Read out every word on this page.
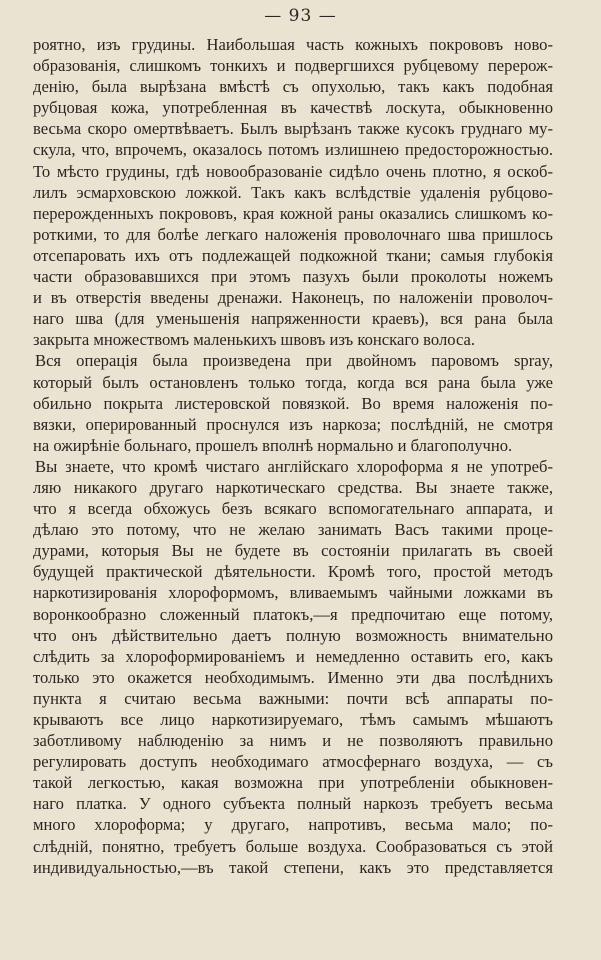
— 93 —
роятно, изъ грудины. Наибольшая часть кожныхъ покрововъ ново-
образованія, слишкомъ тонкихъ и подвергшихся рубцевому перерож-
денію, была вырѣзана вмѣстѣ съ опухолью, такъ какъ подобная
рубцовая кожа, употребленная въ качествѣ лоскута, обыкновенно
весьма скоро омертвѣваетъ. Былъ вырѣзанъ также кусокъ груднаго му-
скула, что, впрочемъ, оказалось потомъ излишнею предосторожностью.
То мѣсто грудины, гдѣ новообразованіе сидѣло очень плотно, я оскоб-
лилъ эсмарховскою ложкой. Такъ какъ вслѣдствіе удаленія рубцово-
перерожденныхъ покрововъ, края кожной раны оказались слишкомъ ко-
роткими, то для болѣе легкаго наложенія проволочнаго шва пришлось
отсепаровать ихъ отъ подлежащей подкожной ткани; самыя глубокія
части образовавшихся при этомъ пазухъ были проколоты ножемъ
и въ отверстія введены дренажи. Наконецъ, по наложеніи проволоч-
наго шва (для уменьшенія напряженности краевъ), вся рана была
закрыта множествомъ маленькихъ швовъ изъ конскаго волоса.
Вся операція была произведена при двойномъ паровомъ spray,
который былъ остановленъ только тогда, когда вся рана была уже
обильно покрыта листеровской повязкой. Во время наложенія по-
вязки, оперированный проснулся изъ наркоза; послѣдній, не смотря
на ожирѣніе больнаго, прошелъ вполнѣ нормально и благополучно.
Вы знаете, что кромѣ чистаго англійскаго хлороформа я не употреб-
ляю никакого другаго наркотическаго средства. Вы знаете также,
что я всегда обхожусь безъ всякаго вспомогательнаго аппарата, и
дѣлаю это потому, что не желаю занимать Васъ такими проце-
дурами, которыя Вы не будете въ состояніи прилагать въ своей
будущей практической дѣятельности. Кромѣ того, простой методъ
наркотизированія хлороформомъ, вливаемымъ чайными ложками въ
воронкообразно сложенный платокъ,—я предпочитаю еще потому,
что онъ дѣйствительно даетъ полную возможность внимательно
слѣдить за хлороформированіемъ и немедленно оставить его, какъ
только это окажется необходимымъ. Именно эти два послѣднихъ
пункта я считаю весьма важными: почти всѣ аппараты по-
крываютъ все лицо наркотизируемаго, тѣмъ самымъ мѣшаютъ
заботливому наблюденію за нимъ и не позволяютъ правильно
регулировать доступъ необходимаго атмосфернаго воздуха, — съ
такой легкостью, какая возможна при употребленіи обыкновен-
наго платка. У одного субъекта полный наркозъ требуетъ весьма
много хлороформа; у другаго, напротивъ, весьма мало; по-
слѣдній, понятно, требуетъ больше воздуха. Сообразоваться съ этой
индивидуальностью,—въ такой степени, какъ это представляется
